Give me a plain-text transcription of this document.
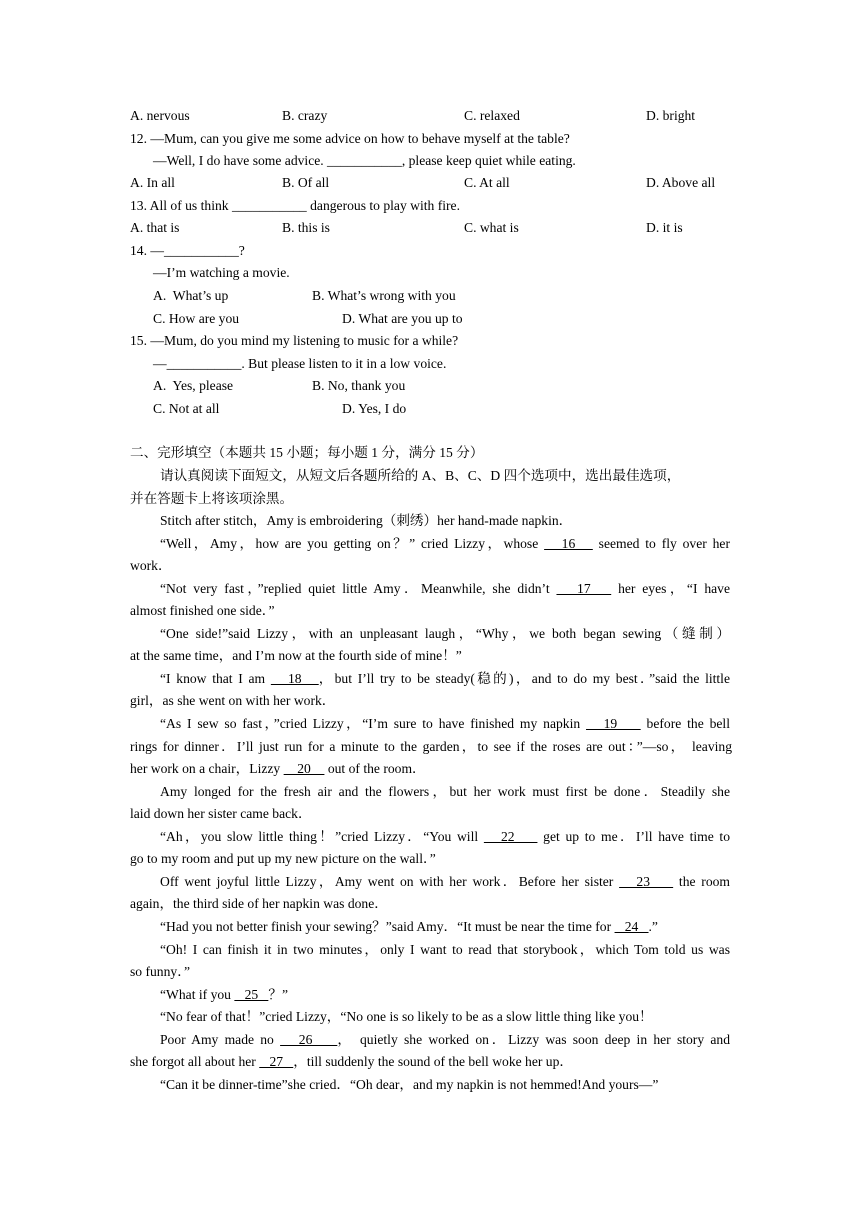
A. nervous	B. crazy	C. relaxed	D. bright
12. —Mum, can you give me some advice on how to behave myself at the table?
—Well, I do have some advice. ___________, please keep quiet while eating.
A. In all	B. Of all	C. At all	D. Above all
13. All of us think ___________ dangerous to play with fire.
A. that is	B. this is	C. what is	D. it is
14. —___________?
—I’m watching a movie.
A.  What’s up	B. What’s wrong with you
C. How are you	D. What are you up to
15. —Mum, do you mind my listening to music for a while?
—___________. But please listen to it in a low voice.
A.  Yes, please	B. No, thank you
C. Not at all	D. Yes, I do
二、完形填空（本题共 15 小题；每小题 1 分，满分 15 分）
请认真阅读下面短文，从短文后各题所给的 A、B、C、D 四个选项中，选出最佳选项，
并在答题卡上将该项涂黑。
Stitch after stitch，Amy is embroidering（刺绣）her hand-made napkin．
“Well，Amy，how are you getting on？” cried Lizzy，whose    16    seemed to fly over her
work．
“Not very fast，”replied quiet little Amy．Meanwhile, she didn’t    17    her eyes，“I have
almost finished one side．”
“One side!”said Lizzy，with an unpleasant laugh，“Why，we both began sewing（缝制）
at the same time，and I’m now at the fourth side of mine！”
“I know that I am    18   ，but I’ll try to be steady(稳的)，and to do my best．”said the little
girl，as she went on with her work．
“As I sew so fast，”cried Lizzy，“I’m sure to have finished my napkin    19     before the bell
rings for dinner．I’ll just run for a minute to the garden，to see if the roses are out：”—so， leaving
her work on a chair，Lizzy     20     out of the room．
Amy longed for the fresh air and the flowers，but her work must first be done．Steadily she
laid down her sister came back．
“Ah，you slow little thing！”cried Lizzy．“You will    22     get up to me．I’ll have time to
go to my room and put up my new picture on the wall．”
Off went joyful little Lizzy，Amy went on with her work．Before her sister    23     the room
again，the third side of her napkin was done．
“Had you not better finish your sewing？”said Amy．“It must be near the time for    24   .”
“Oh! I can finish it in two minutes，only I want to read that storybook，which Tom told us was
so funny．”
“What if you    25   ？”
“No fear of that！”cried Lizzy，“No one is so likely to be as a slow little thing like you！
Poor Amy made no    26    ， quietly she worked on．Lizzy was soon deep in her story and
she forgot all about her    27   ，till suddenly the sound of the bell woke her up．
“Can it be dinner-time”she cried．“Oh dear，and my napkin is not hemmed!And yours—”
